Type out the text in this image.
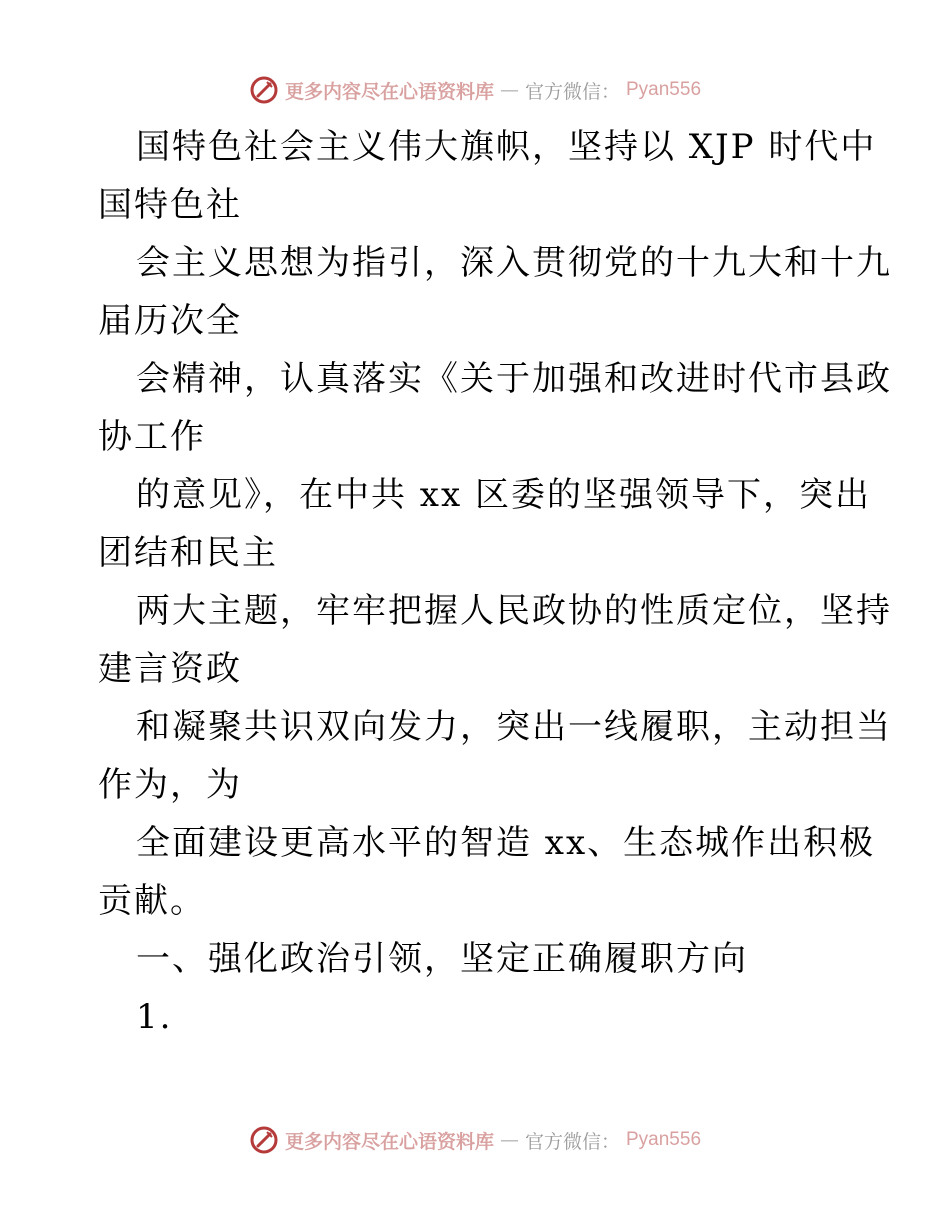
更多内容尽在心语资料库 — 官方微信： Pyan556
国特色社会主义伟大旗帜，坚持以 XJP 时代中
国特色社
会主义思想为指引，深入贯彻党的十九大和十九
届历次全
会精神，认真落实《关于加强和改进时代市县政
协工作
的意见》，在中共 xx 区委的坚强领导下，突出
团结和民主
两大主题，牢牢把握人民政协的性质定位，坚持
建言资政
和凝聚共识双向发力，突出一线履职，主动担当
作为，为
全面建设更高水平的智造 xx、生态城作出积极
贡献。
一、强化政治引领，坚定正确履职方向
1.
更多内容尽在心语资料库 — 官方微信： Pyan556
